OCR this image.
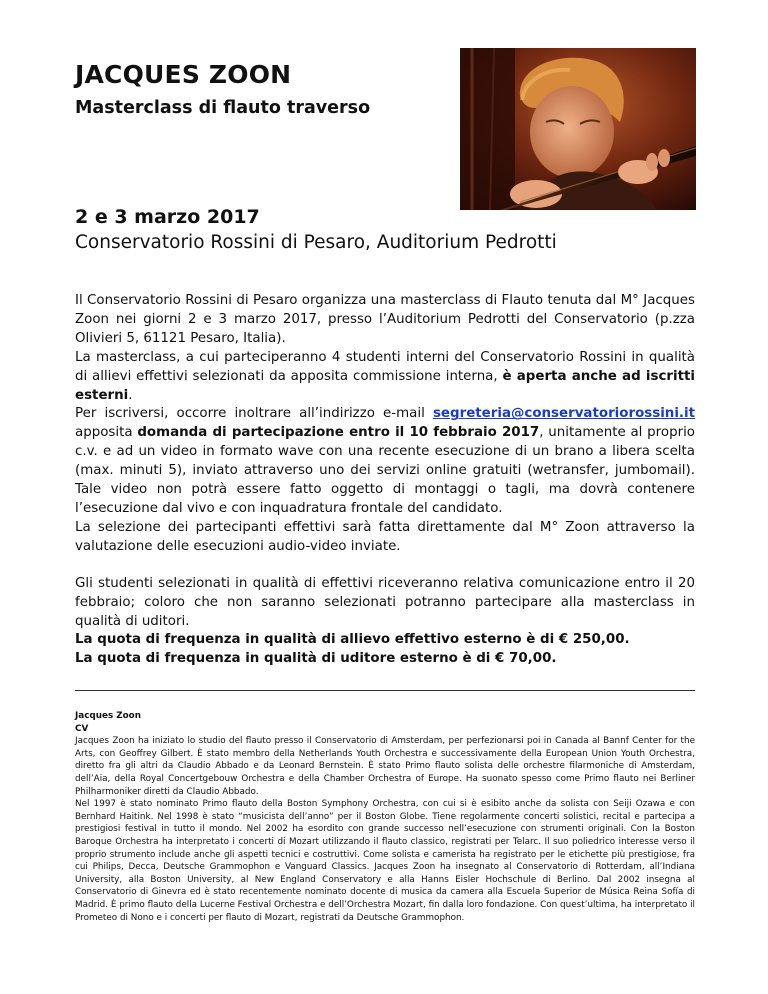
JACQUES ZOON
Masterclass di flauto traverso
2 e 3 marzo 2017
Conservatorio Rossini di Pesaro, Auditorium Pedrotti

Il Conservatorio Rossini di Pesaro organizza una masterclass di Flauto tenuta dal M° Jacques Zoon nei giorni 2 e 3 marzo 2017, presso l’Auditorium Pedrotti del Conservatorio (p.zza Olivieri 5, 61121 Pesaro, Italia).

La masterclass, a cui parteciperanno 4 studenti interni del Conservatorio Rossini in qualità di allievi effettivi selezionati da apposita commissione interna, è aperta anche ad iscritti esterni.

Per iscriversi, occorre inoltrare all’indirizzo e-mail segreteria@conservatoriorossini.it apposita domanda di partecipazione entro il 10 febbraio 2017, unitamente al proprio c.v. e ad un video in formato wave con una recente esecuzione di un brano a libera scelta (max. minuti 5), inviato attraverso uno dei servizi online gratuiti (wetransfer, jumbomail). Tale video non potrà essere fatto oggetto di montaggi o tagli, ma dovrà contenere l’esecuzione dal vivo e con inquadratura frontale del candidato.

La selezione dei partecipanti effettivi sarà fatta direttamente dal M° Zoon attraverso la valutazione delle esecuzioni audio-video inviate.

Gli studenti selezionati in qualità di effettivi riceveranno relativa comunicazione entro il 20 febbraio; coloro che non saranno selezionati potranno partecipare alla masterclass in qualità di uditori.

La quota di frequenza in qualità di allievo effettivo esterno è di € 250,00.

La quota di frequenza in qualità di uditore esterno è di € 70,00.

Jacques Zoon

CV

Jacques Zoon ha iniziato lo studio del flauto presso il Conservatorio di Amsterdam, per perfezionarsi poi in Canada al Bannf Center for the Arts, con Geoffrey Gilbert. È stato membro della Netherlands Youth Orchestra e successivamente della European Union Youth Orchestra, diretto fra gli altri da Claudio Abbado e da Leonard Bernstein. È stato Primo flauto solista delle orchestre filarmoniche di Amsterdam, dell’Aia, della Royal Concertgebouw Orchestra e della Chamber Orchestra of Europe. Ha suonato spesso come Primo flauto nei Berliner Philharmoniker diretti da Claudio Abbado.

Nel 1997 è stato nominato Primo flauto della Boston Symphony Orchestra, con cui si è esibito anche da solista con Seiji Ozawa e con Bernhard Haitink. Nel 1998 è stato “musicista dell’anno” per il Boston Globe. Tiene regolarmente concerti solistici, recital e partecipa a prestigiosi festival in tutto il mondo. Nel 2002 ha esordito con grande successo nell’esecuzione con strumenti originali. Con la Boston Baroque Orchestra ha interpretato i concerti di Mozart utilizzando il flauto classico, registrati per Telarc. Il suo poliedrico interesse verso il proprio strumento include anche gli aspetti tecnici e costruttivi. Come solista e camerista ha registrato per le etichette più prestigiose, fra cui Philips, Decca, Deutsche Grammophon e Vanguard Classics. Jacques Zoon ha insegnato al Conservatorio di Rotterdam, all’Indiana University, alla Boston University, al New England Conservatory e alla Hanns Eisler Hochschule di Berlino. Dal 2002 insegna al Conservatorio di Ginevra ed è stato recentemente nominato docente di musica da camera alla Escuela Superior de Música Reina Sofía di Madrid. È primo flauto della Lucerne Festival Orchestra e dell’Orchestra Mozart, fin dalla loro fondazione. Con quest’ultima, ha interpretato il Prometeo di Nono e i concerti per flauto di Mozart, registrati da Deutsche Grammophon.
